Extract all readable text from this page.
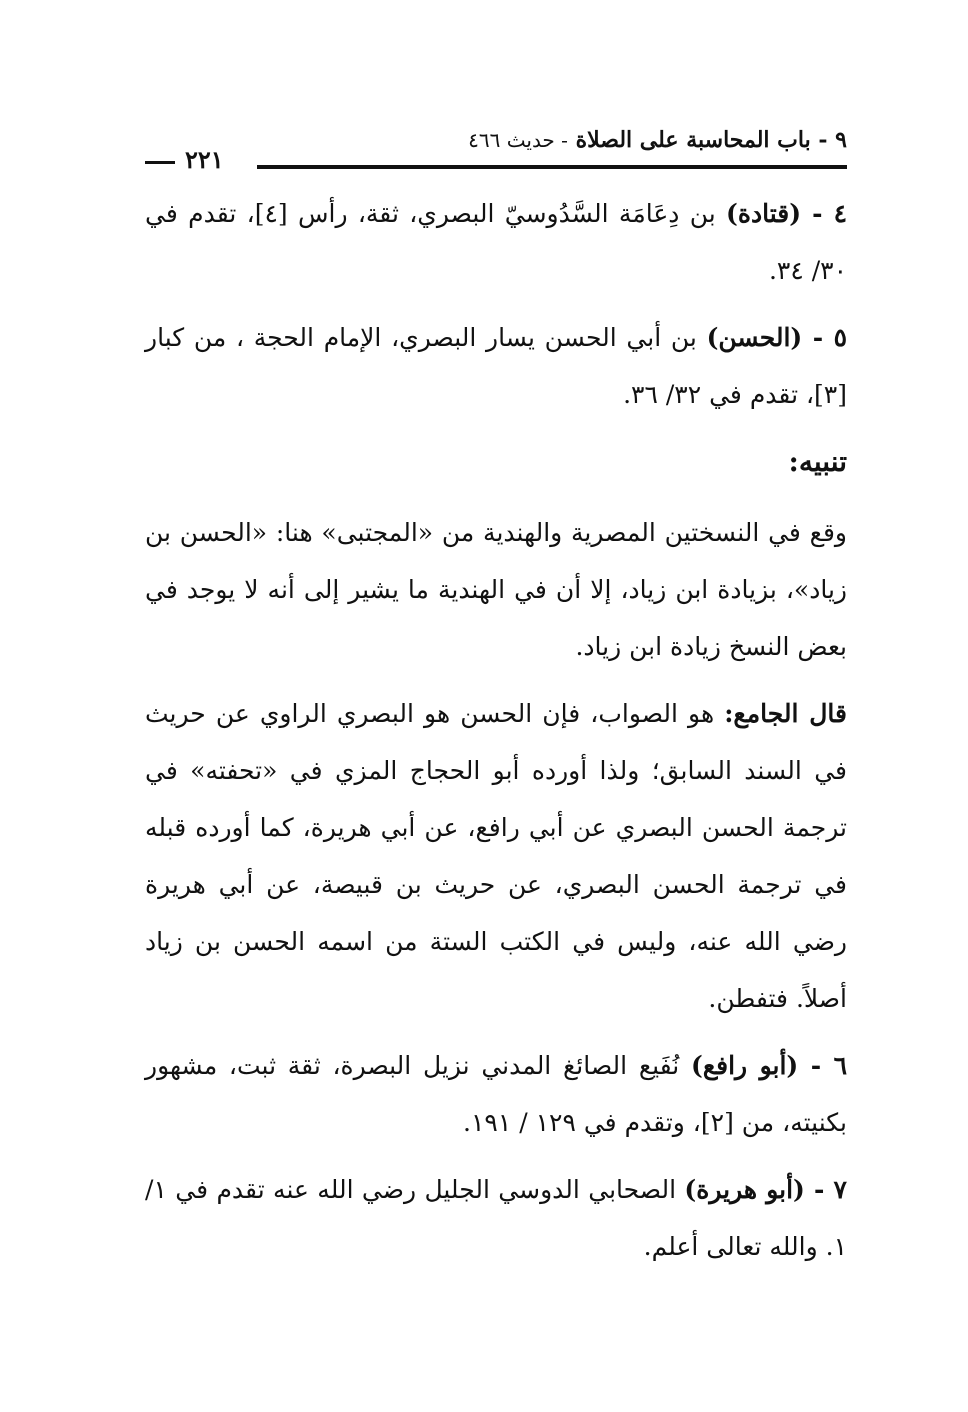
٩ - باب المحاسبة على الصلاة - حديث ٤٦٦
٢٢١

٤ - (قتادة) بن دِعَامَة السَّدُوسيّ البصري، ثقة، رأس [٤]، تقدم في ٣٠/ ٣٤.

٥ - (الحسن) بن أبي الحسن يسار البصري، الإمام الحجة ، من كبار [٣]، تقدم في ٣٢/ ٣٦.

تنبيه:

وقع في النسختين المصرية والهندية من «المجتبى» هنا: «الحسن بن زياد»، بزيادة ابن زياد، إلا أن في الهندية ما يشير إلى أنه لا يوجد في بعض النسخ زيادة ابن زياد.

قال الجامع: هو الصواب، فإن الحسن هو البصري الراوي عن حريث في السند السابق؛ ولذا أورده أبو الحجاج المزي في «تحفته» في ترجمة الحسن البصري عن أبي رافع، عن أبي هريرة، كما أورده قبله في ترجمة الحسن البصري، عن حريث بن قبيصة، عن أبي هريرة رضي الله عنه، وليس في الكتب الستة من اسمه الحسن بن زياد أصلاً. فتفطن.

٦ - (أبو رافع) نُفَيع الصائغ المدني نزيل البصرة، ثقة ثبت، مشهور بكنيته، من [٢]، وتقدم في ١٢٩ / ١٩١.

٧ - (أبو هريرة) الصحابي الدوسي الجليل رضي الله عنه تقدم في ١/ ١. والله تعالى أعلم.
